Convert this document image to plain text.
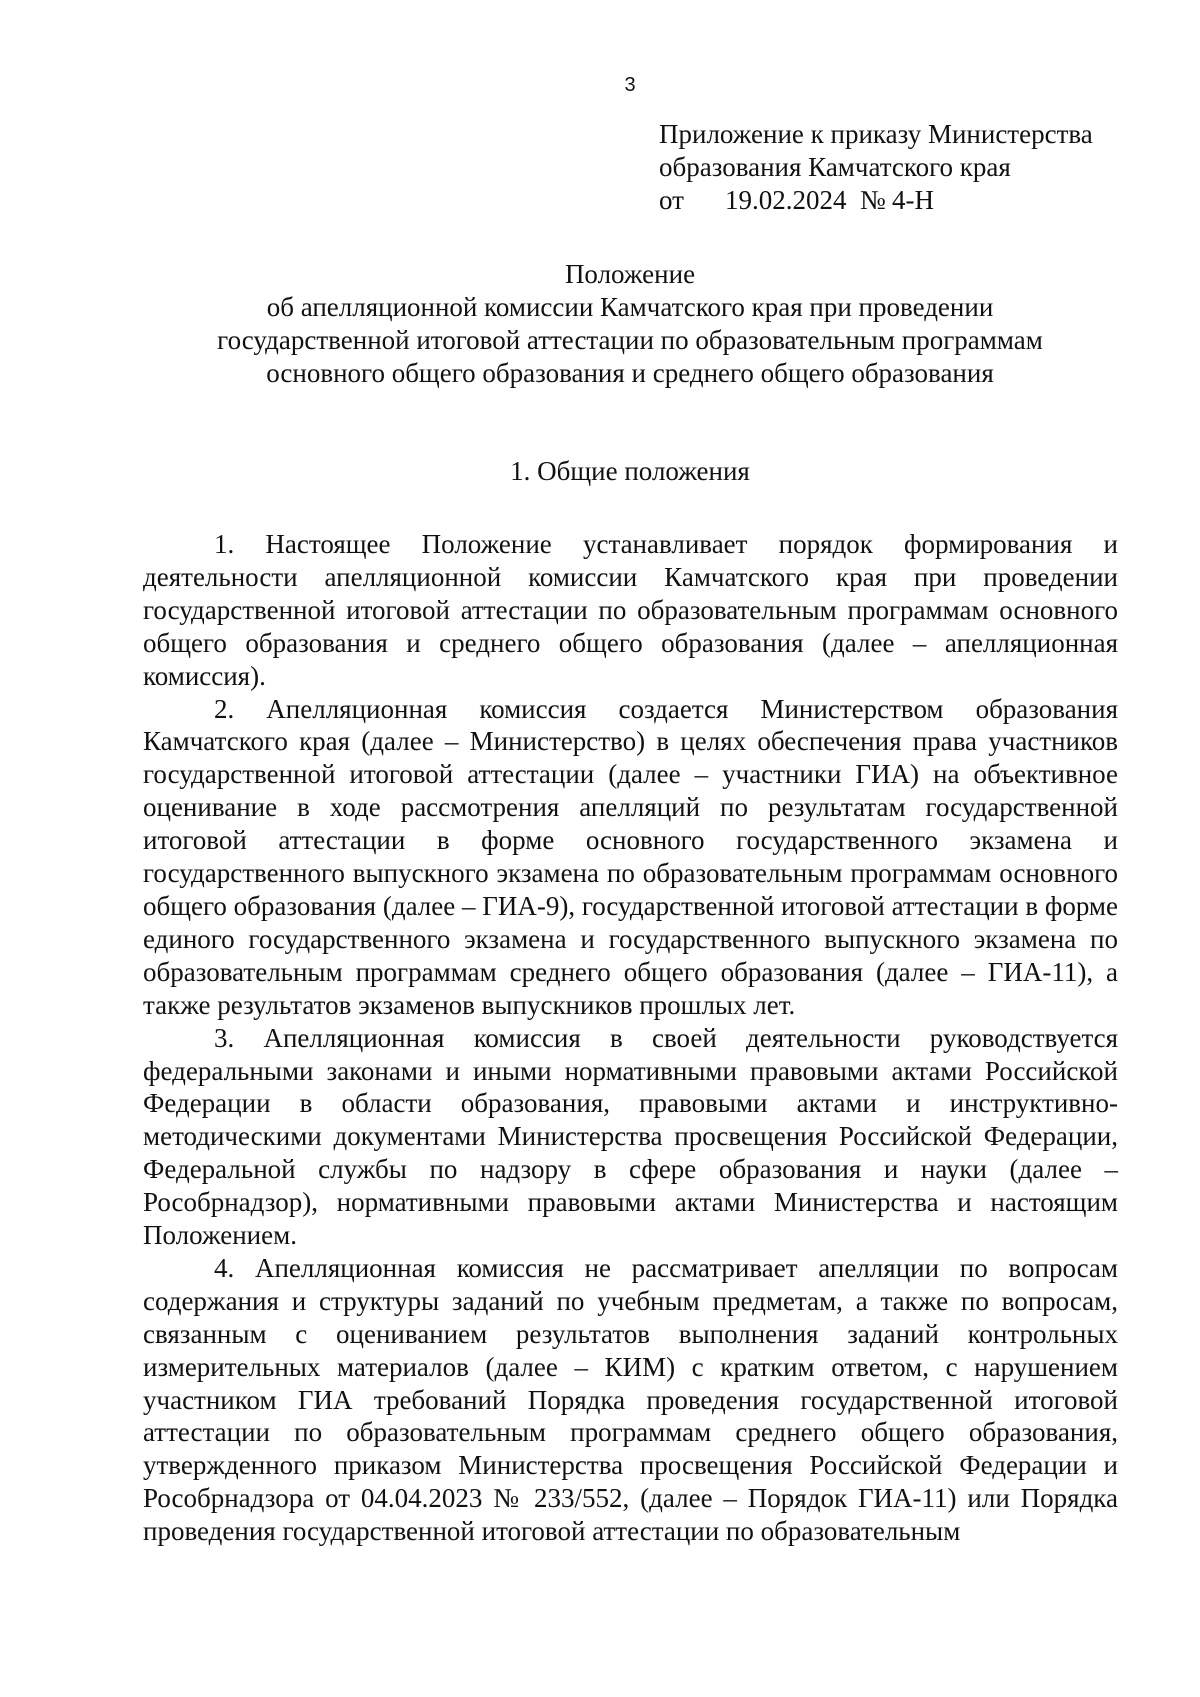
3
Приложение к приказу Министерства
образования Камчатского края
от 19.02.2024 № 4-Н
Положение
об апелляционной комиссии Камчатского края при проведении
государственной итоговой аттестации по образовательным программам
основного общего образования и среднего общего образования
1. Общие положения

1. Настоящее Положение устанавливает порядок формирования и деятельности апелляционной комиссии Камчатского края при проведении государственной итоговой аттестации по образовательным программам основного общего образования и среднего общего образования (далее – апелляционная комиссия).

2. Апелляционная комиссия создается Министерством образования Камчатского края (далее – Министерство) в целях обеспечения права участников государственной итоговой аттестации (далее – участники ГИА) на объективное оценивание в ходе рассмотрения апелляций по результатам государственной итоговой аттестации в форме основного государственного экзамена и государственного выпускного экзамена по образовательным программам основного общего образования (далее – ГИА-9), государственной итоговой аттестации в форме единого государственного экзамена и государственного выпускного экзамена по образовательным программам среднего общего образования (далее – ГИА-11), а также результатов экзаменов выпускников прошлых лет.

3. Апелляционная комиссия в своей деятельности руководствуется федеральными законами и иными нормативными правовыми актами Российской Федерации в области образования, правовыми актами и инструктивно-методическими документами Министерства просвещения Российской Федерации, Федеральной службы по надзору в сфере образования и науки (далее – Рособрнадзор), нормативными правовыми актами Министерства и настоящим Положением.

4. Апелляционная комиссия не рассматривает апелляции по вопросам содержания и структуры заданий по учебным предметам, а также по вопросам, связанным с оцениванием результатов выполнения заданий контрольных измерительных материалов (далее – КИМ) с кратким ответом, с нарушением участником ГИА требований Порядка проведения государственной итоговой аттестации по образовательным программам среднего общего образования, утвержденного приказом Министерства просвещения Российской Федерации и Рособрнадзора от 04.04.2023 № 233/552, (далее – Порядок ГИА-11) или Порядка проведения государственной итоговой аттестации по образовательным
